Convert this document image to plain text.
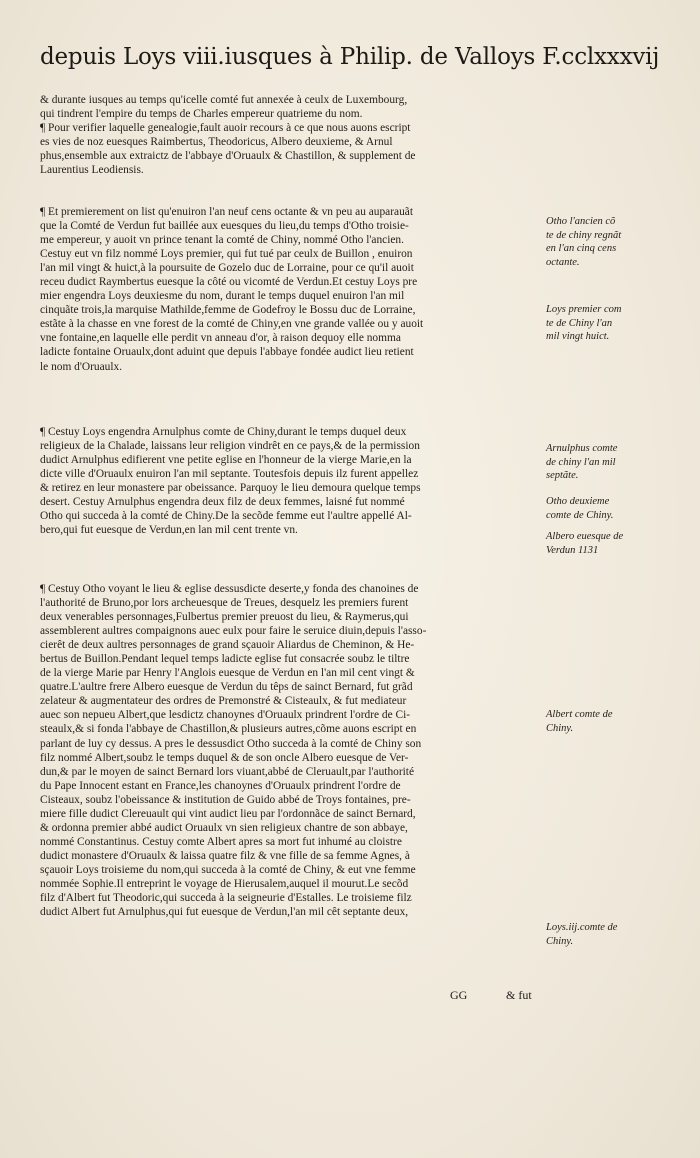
depuis Loys viii.iusques à Philip. de Valloys F.cclxxxvij
& durante iusques au temps qu'icelle comté fut annexée à ceulx de Luxembourg,
qui tindrent l'empire du temps de Charles empereur quatrieme du nom.
¶ Pour verifier laquelle genealogie,fault auoir recours à ce que nous auons escript
es vies de noz euesques Raimbertus, Theodoricus, Albero deuxieme, & Arnul
phus,ensemble aux extraictz de l'abbaye d'Oruaulx & Chastillon, & supplement de
Laurentius Leodiensis.
¶ Et premierement on list qu'enuiron l'an neuf cens octante & vn peu au auparauãt
que la Comté de Verdun fut baillée aux euesques du lieu,du temps d'Otho troisie-
me empereur, y auoit vn prince tenant la comté de Chiny, nommé Otho l'ancien.
Cestuy eut vn filz nommé Loys premier, qui fut tué par ceulx de Buillon , enuiron
l'an mil vingt & huict,à la poursuite de Gozelo duc de Lorraine, pour ce qu'il auoit
receu dudict Raymbertus euesque la côté ou vicomté de Verdun.Et cestuy Loys pre
mier engendra Loys deuxiesme du nom, durant le temps duquel enuiron l'an mil
cinquãte trois,la marquise Mathilde,femme de Godefroy le Bossu duc de Lorraine,
estãte à la chasse en vne forest de la comté de Chiny,en vne grande vallée ou y auoit
vne fontaine,en laquelle elle perdit vn anneau d'or, à raison dequoy elle nomma
ladicte fontaine Oruaulx,dont aduint que depuis l'abbaye fondée audict lieu retient
le nom d'Oruaulx.
¶ Cestuy Loys engendra Arnulphus comte de Chiny,durant le temps duquel deux
religieux de la Chalade, laissans leur religion vindrêt en ce pays,& de la permission
dudict Arnulphus edifierent vne petite eglise en l'honneur de la vierge Marie,en la
dicte ville d'Oruaulx enuiron l'an mil septante. Toutesfois depuis ilz furent appellez
& retirez en leur monastere par obeissance. Parquoy le lieu demoura quelque temps
desert. Cestuy Arnulphus engendra deux filz de deux femmes, laisné fut nommé
Otho qui succeda à la comté de Chiny.De la secõde femme eut l'aultre appellé Al-
bero,qui fut euesque de Verdun,en lan mil cent trente vn.
¶ Cestuy Otho voyant le lieu & eglise dessusdicte deserte,y fonda des chanoines de
l'authorité de Bruno,por lors archeuesque de Treues, desquelz les premiers furent
deux venerables personnages,Fulbertus premier preuost du lieu, & Raymerus,qui
assemblerent aultres compaignons auec eulx pour faire le seruice diuin,depuis l'asso-
cierêt de deux aultres personnages de grand sçauoir Aliardus de Cheminon, & He-
bertus de Buillon.Pendant lequel temps ladicte eglise fut consacrée soubz le tiltre
de la vierge Marie par Henry l'Anglois euesque de Verdun en l'an mil cent vingt &
quatre.L'aultre frere Albero euesque de Verdun du têps de sainct Bernard, fut grãd
zelateur & augmentateur des ordres de Premonstré & Cisteaulx, & fut mediateur
auec son nepueu Albert,que lesdictz chanoynes d'Oruaulx prindrent l'ordre de Ci-
steaulx,& si fonda l'abbaye de Chastillon,& plusieurs autres,cõme auons escript en
parlant de luy cy dessus. A pres le dessusdict Otho succeda à la comté de Chiny son
filz nommé Albert,soubz le temps duquel & de son oncle Albero euesque de Ver-
dun,& par le moyen de sainct Bernard lors viuant,abbé de Cleruault,par l'authorité
du Pape Innocent estant en France,les chanoynes d'Oruaulx prindrent l'ordre de
Cisteaux, soubz l'obeissance & institution de Guido abbé de Troys fontaines, pre-
miere fille dudict Clereuault qui vint audict lieu par l'ordonnãce de sainct Bernard,
& ordonna premier abbé audict Oruaulx vn sien religieux chantre de son abbaye,
nommé Constantinus. Cestuy comte Albert apres sa mort fut inhumé au cloistre
dudict monastere d'Oruaulx & laissa quatre filz & vne fille de sa femme Agnes, à
sçauoir Loys troisieme du nom,qui succeda à la comté de Chiny, & eut vne femme
nommée Sophie.Il entreprint le voyage de Hierusalem,auquel il mourut.Le secõd
filz d'Albert fut Theodoric,qui succeda à la seigneurie d'Estalles. Le troisieme filz
dudict Albert fut Arnulphus,qui fut euesque de Verdun,l'an mil cêt septante deux,
Otho l'ancien cõ
te de chiny regnãt
en l'an cinq cens
octante.
Loys premier com
te de Chiny l'an
mil vingt huict.
Arnulphus comte
de chiny l'an mil
septãte.
Otho deuxieme
comte de Chiny.
Albero euesque de
Verdun 1131
Albert comte de
Chiny.
Loys.iij.comte de
Chiny.
GG	& fut
